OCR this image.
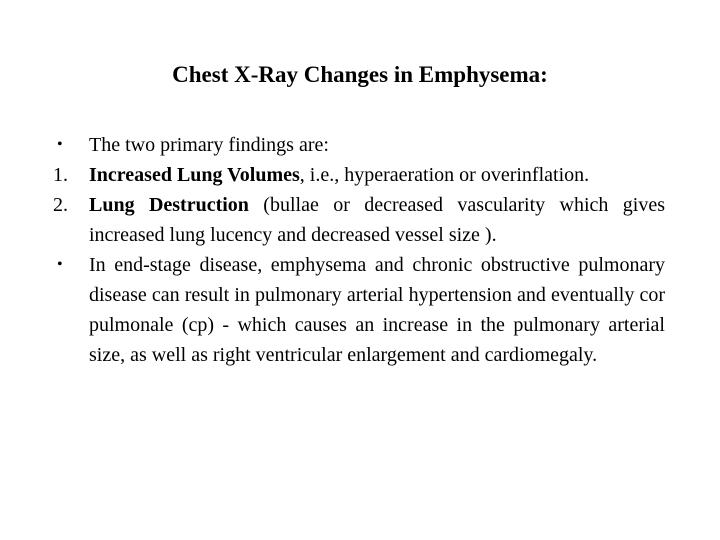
Chest X-Ray Changes in Emphysema:
•	The two primary findings are:
1.	Increased Lung Volumes, i.e., hyperaeration or overinflation.
2.	Lung Destruction (bullae or decreased vascularity which gives increased lung lucency and decreased vessel size ).
•	In end-stage disease, emphysema and chronic obstructive pulmonary disease can result in pulmonary arterial hypertension and eventually cor pulmonale (cp) - which causes an increase in the pulmonary arterial size, as well as right ventricular enlargement and cardiomegaly.
